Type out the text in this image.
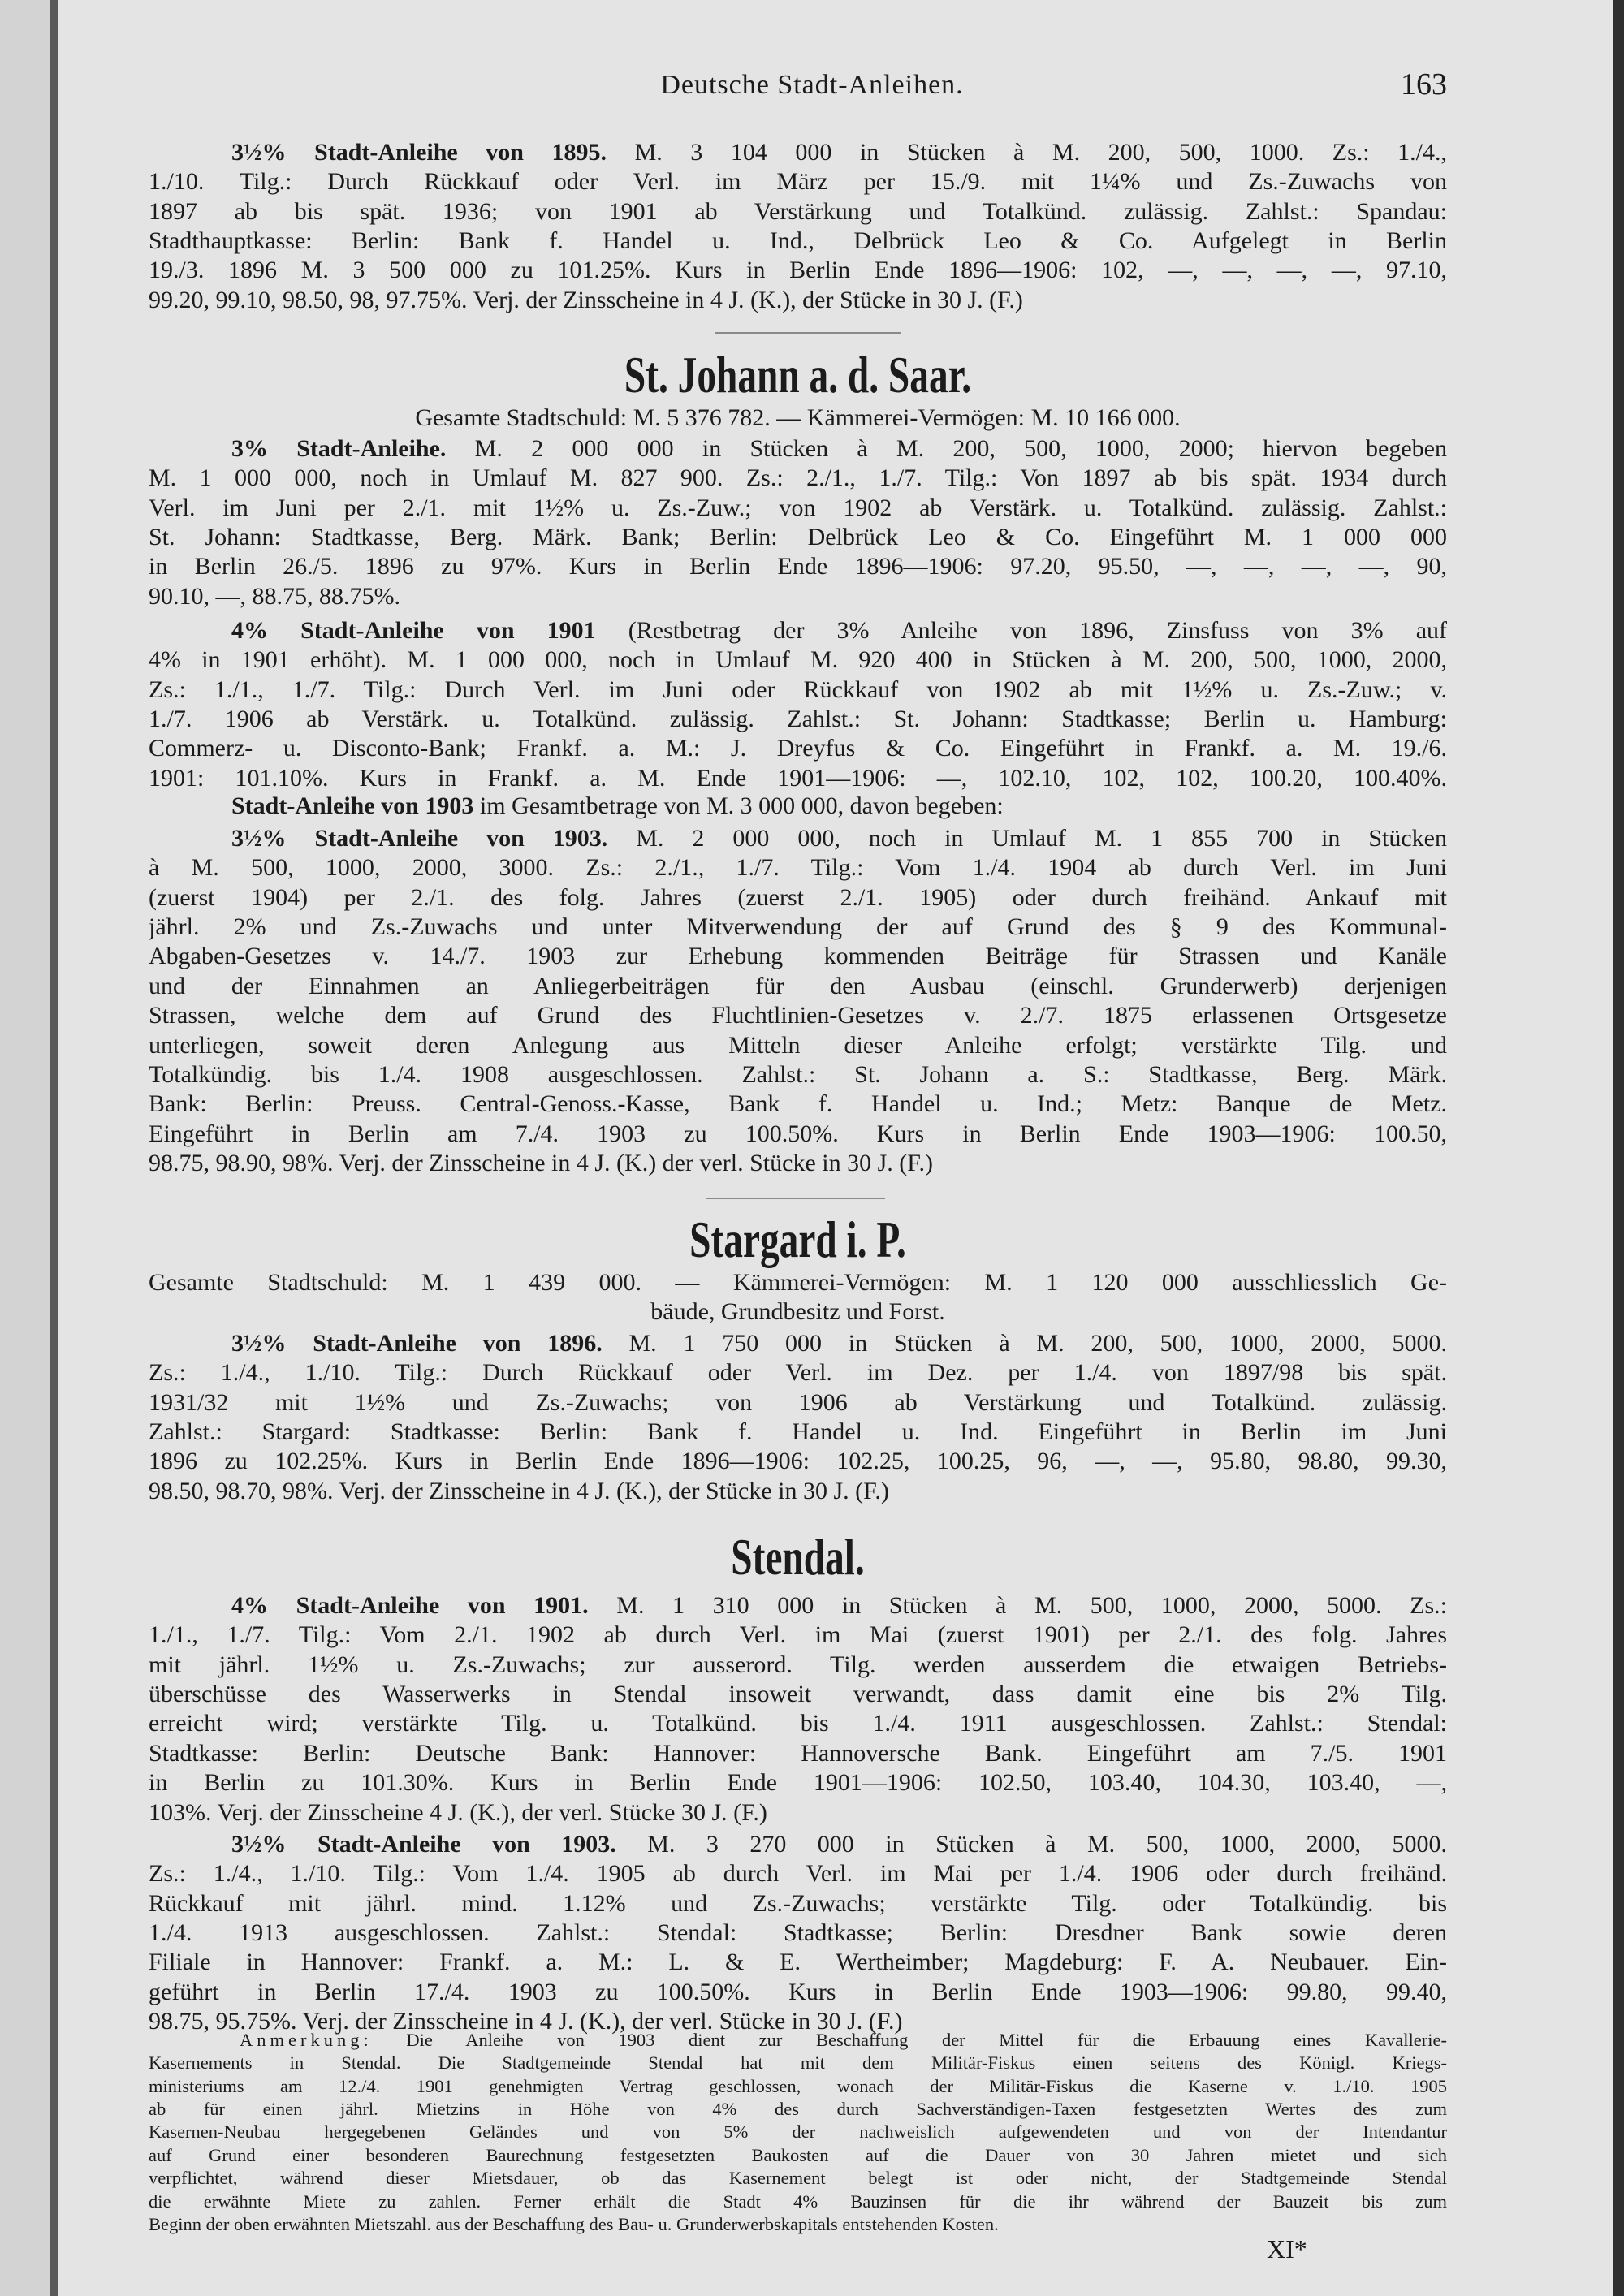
Deutsche Stadt-Anleihen.	163
3½% Stadt-Anleihe von 1895. M. 3 104 000 in Stücken à M. 200, 500, 1000. Zs.: 1./4.,
1./10. Tilg.: Durch Rückkauf oder Verl. im März per 15./9. mit 1¼% und Zs.-Zuwachs von
1897 ab bis spät. 1936; von 1901 ab Verstärkung und Totalkünd. zulässig. Zahlst.: Spandau:
Stadthauptkasse: Berlin: Bank f. Handel u. Ind., Delbrück Leo & Co. Aufgelegt in Berlin
19./3. 1896 M. 3 500 000 zu 101.25%. Kurs in Berlin Ende 1896—1906: 102, —, —, —, —, 97.10,
99.20, 99.10, 98.50, 98, 97.75%. Verj. der Zinsscheine in 4 J. (K.), der Stücke in 30 J. (F.)
St. Johann a. d. Saar.
Gesamte Stadtschuld: M. 5 376 782. — Kämmerei-Vermögen: M. 10 166 000.
3% Stadt-Anleihe. M. 2 000 000 in Stücken à M. 200, 500, 1000, 2000; hiervon begeben
M. 1 000 000, noch in Umlauf M. 827 900. Zs.: 2./1., 1./7. Tilg.: Von 1897 ab bis spät. 1934 durch
Verl. im Juni per 2./1. mit 1½% u. Zs.-Zuw.; von 1902 ab Verstärk. u. Totalkünd. zulässig. Zahlst.:
St. Johann: Stadtkasse, Berg. Märk. Bank; Berlin: Delbrück Leo & Co. Eingeführt M. 1 000 000
in Berlin 26./5. 1896 zu 97%. Kurs in Berlin Ende 1896—1906: 97.20, 95.50, —, —, —, —, 90,
90.10, —, 88.75, 88.75%.
4% Stadt-Anleihe von 1901 (Restbetrag der 3% Anleihe von 1896, Zinsfuss von 3% auf
4% in 1901 erhöht). M. 1 000 000, noch in Umlauf M. 920 400 in Stücken à M. 200, 500, 1000, 2000,
Zs.: 1./1., 1./7. Tilg.: Durch Verl. im Juni oder Rückkauf von 1902 ab mit 1½% u. Zs.-Zuw.; v.
1./7. 1906 ab Verstärk. u. Totalkünd. zulässig. Zahlst.: St. Johann: Stadtkasse; Berlin u. Hamburg:
Commerz- u. Disconto-Bank; Frankf. a. M.: J. Dreyfus & Co. Eingeführt in Frankf. a. M. 19./6.
1901: 101.10%. Kurs in Frankf. a. M. Ende 1901—1906: —, 102.10, 102, 102, 100.20, 100.40%.
Stadt-Anleihe von 1903 im Gesamtbetrage von M. 3 000 000, davon begeben:
3½% Stadt-Anleihe von 1903. M. 2 000 000, noch in Umlauf M. 1 855 700 in Stücken
à M. 500, 1000, 2000, 3000. Zs.: 2./1., 1./7. Tilg.: Vom 1./4. 1904 ab durch Verl. im Juni
(zuerst 1904) per 2./1. des folg. Jahres (zuerst 2./1. 1905) oder durch freihänd. Ankauf mit
jährl. 2% und Zs.-Zuwachs und unter Mitverwendung der auf Grund des § 9 des Kommunal-
Abgaben-Gesetzes v. 14./7. 1903 zur Erhebung kommenden Beiträge für Strassen und Kanäle
und der Einnahmen an Anliegerbeiträgen für den Ausbau (einschl. Grunderwerb) derjenigen
Strassen, welche dem auf Grund des Fluchtlinien-Gesetzes v. 2./7. 1875 erlassenen Ortsgesetze
unterliegen, soweit deren Anlegung aus Mitteln dieser Anleihe erfolgt; verstärkte Tilg. und
Totalkündig. bis 1./4. 1908 ausgeschlossen. Zahlst.: St. Johann a. S.: Stadtkasse, Berg. Märk.
Bank: Berlin: Preuss. Central-Genoss.-Kasse, Bank f. Handel u. Ind.; Metz: Banque de Metz.
Eingeführt in Berlin am 7./4. 1903 zu 100.50%. Kurs in Berlin Ende 1903—1906: 100.50,
98.75, 98.90, 98%. Verj. der Zinsscheine in 4 J. (K.) der verl. Stücke in 30 J. (F.)
Stargard i. P.
Gesamte Stadtschuld: M. 1 439 000. — Kämmerei-Vermögen: M. 1 120 000 ausschliesslich Ge-
bäude, Grundbesitz und Forst.
3½% Stadt-Anleihe von 1896. M. 1 750 000 in Stücken à M. 200, 500, 1000, 2000, 5000.
Zs.: 1./4., 1./10. Tilg.: Durch Rückkauf oder Verl. im Dez. per 1./4. von 1897/98 bis spät.
1931/32 mit 1½% und Zs.-Zuwachs; von 1906 ab Verstärkung und Totalkünd. zulässig.
Zahlst.: Stargard: Stadtkasse: Berlin: Bank f. Handel u. Ind. Eingeführt in Berlin im Juni
1896 zu 102.25%. Kurs in Berlin Ende 1896—1906: 102.25, 100.25, 96, —, —, 95.80, 98.80, 99.30,
98.50, 98.70, 98%. Verj. der Zinsscheine in 4 J. (K.), der Stücke in 30 J. (F.)
Stendal.
4% Stadt-Anleihe von 1901. M. 1 310 000 in Stücken à M. 500, 1000, 2000, 5000. Zs.:
1./1., 1./7. Tilg.: Vom 2./1. 1902 ab durch Verl. im Mai (zuerst 1901) per 2./1. des folg. Jahres
mit jährl. 1½% u. Zs.-Zuwachs; zur ausserord. Tilg. werden ausserdem die etwaigen Betriebs-
überschüsse des Wasserwerks in Stendal insoweit verwandt, dass damit eine bis 2% Tilg.
erreicht wird; verstärkte Tilg. u. Totalkünd. bis 1./4. 1911 ausgeschlossen. Zahlst.: Stendal:
Stadtkasse: Berlin: Deutsche Bank: Hannover: Hannoversche Bank. Eingeführt am 7./5. 1901
in Berlin zu 101.30%. Kurs in Berlin Ende 1901—1906: 102.50, 103.40, 104.30, 103.40, —,
103%. Verj. der Zinsscheine 4 J. (K.), der verl. Stücke 30 J. (F.)
3½% Stadt-Anleihe von 1903. M. 3 270 000 in Stücken à M. 500, 1000, 2000, 5000.
Zs.: 1./4., 1./10. Tilg.: Vom 1./4. 1905 ab durch Verl. im Mai per 1./4. 1906 oder durch freihänd.
Rückkauf mit jährl. mind. 1.12% und Zs.-Zuwachs; verstärkte Tilg. oder Totalkündig. bis
1./4. 1913 ausgeschlossen. Zahlst.: Stendal: Stadtkasse; Berlin: Dresdner Bank sowie deren
Filiale in Hannover: Frankf. a. M.: L. & E. Wertheimber; Magdeburg: F. A. Neubauer. Ein-
geführt in Berlin 17./4. 1903 zu 100.50%. Kurs in Berlin Ende 1903—1906: 99.80, 99.40,
98.75, 95.75%. Verj. der Zinsscheine in 4 J. (K.), der verl. Stücke in 30 J. (F.)
Anmerkung: Die Anleihe von 1903 dient zur Beschaffung der Mittel für die Erbauung eines Kavallerie-
Kasernements in Stendal. Die Stadtgemeinde Stendal hat mit dem Militär-Fiskus einen seitens des Königl. Kriegs-
ministeriums am 12./4. 1901 genehmigten Vertrag geschlossen, wonach der Militär-Fiskus die Kaserne v. 1./10. 1905
ab für einen jährl. Mietzins in Höhe von 4% des durch Sachverständigen-Taxen festgesetzten Wertes des zum
Kasernen-Neubau hergegebenen Geländes und von 5% der nachweislich aufgewendeten und von der Intendantur
auf Grund einer besonderen Baurechnung festgesetzten Baukosten auf die Dauer von 30 Jahren mietet und sich
verpflichtet, während dieser Mietsdauer, ob das Kasernement belegt ist oder nicht, der Stadtgemeinde Stendal
die erwähnte Miete zu zahlen. Ferner erhält die Stadt 4% Bauzinsen für die ihr während der Bauzeit bis zum
Beginn der oben erwähnten Mietszahl. aus der Beschaffung des Bau- u. Grunderwerbskapitals entstehenden Kosten.
XI*
